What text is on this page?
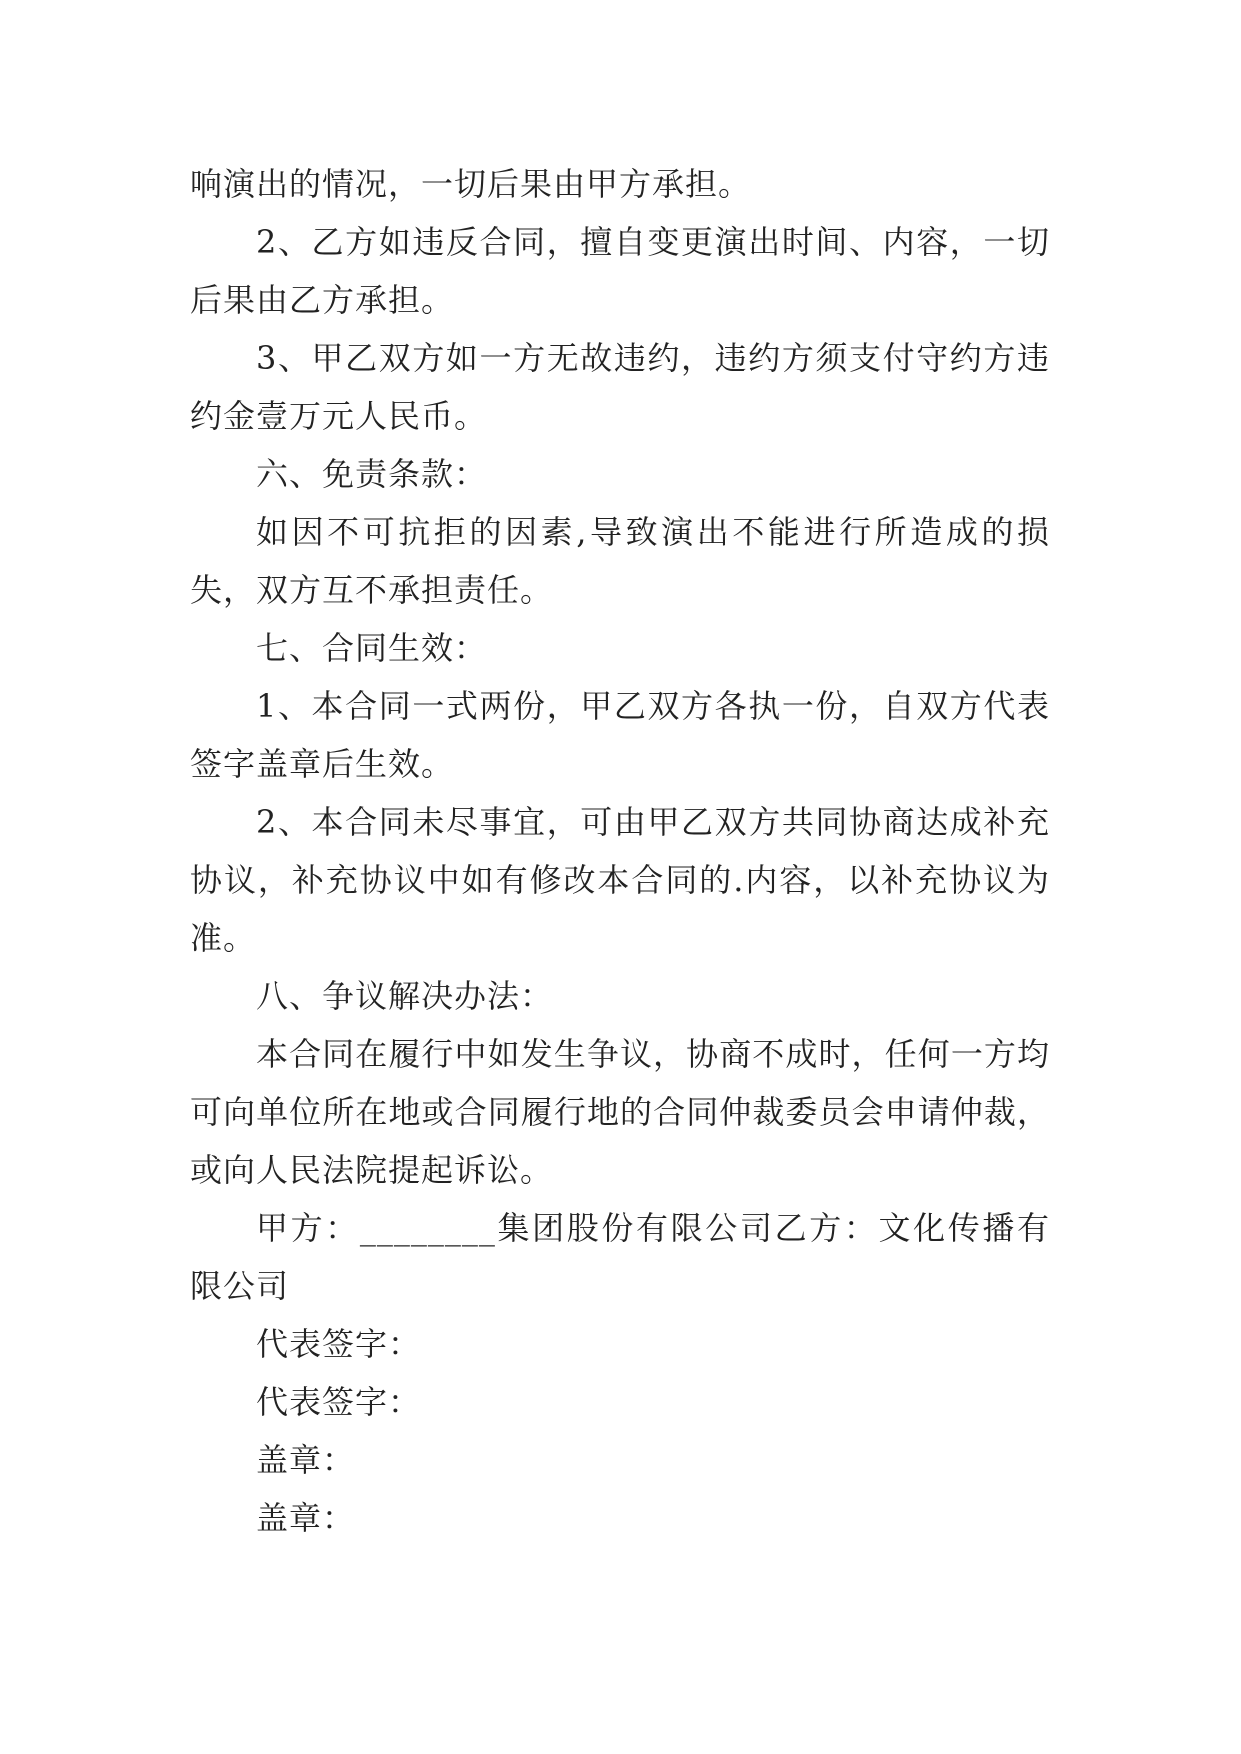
响演出的情况，一切后果由甲方承担。

2、乙方如违反合同，擅自变更演出时间、内容，一切后果由乙方承担。

3、甲乙双方如一方无故违约，违约方须支付守约方违约金壹万元人民币。

六、免责条款：

如因不可抗拒的因素,导致演出不能进行所造成的损失，双方互不承担责任。

七、合同生效：

1、本合同一式两份，甲乙双方各执一份，自双方代表签字盖章后生效。

2、本合同未尽事宜，可由甲乙双方共同协商达成补充协议，补充协议中如有修改本合同的.内容，以补充协议为准。

八、争议解决办法：

本合同在履行中如发生争议，协商不成时，任何一方均可向单位所在地或合同履行地的合同仲裁委员会申请仲裁，或向人民法院提起诉讼。

甲方：________集团股份有限公司乙方：文化传播有限公司

代表签字：

代表签字：

盖章：

盖章：
